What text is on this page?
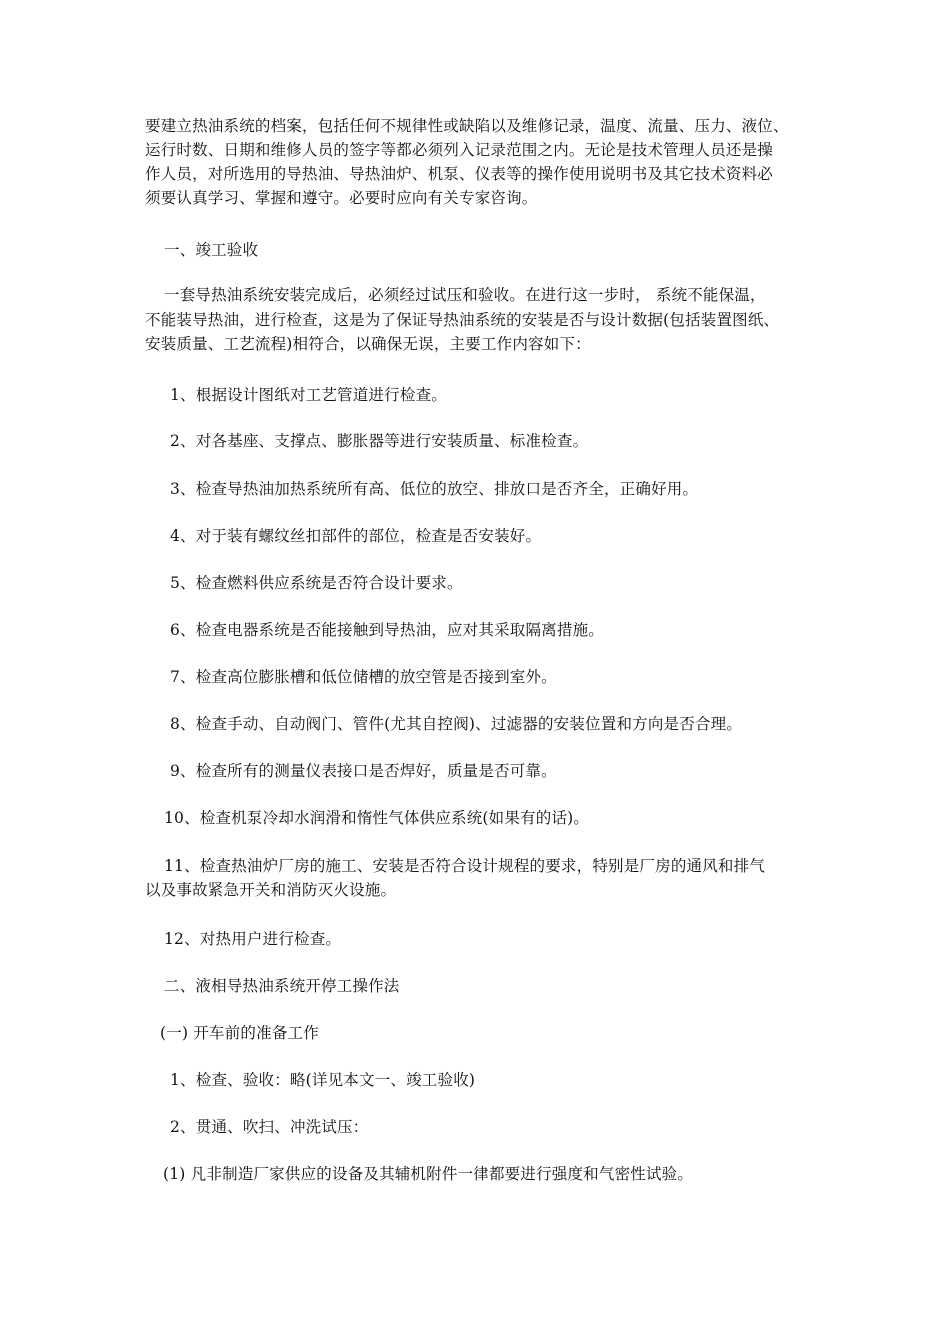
要建立热油系统的档案，包括任何不规律性或缺陷以及维修记录，温度、流量、压力、液位、
运行时数、日期和维修人员的签字等都必须列入记录范围之内。无论是技术管理人员还是操
作人员，对所选用的导热油、导热油炉、机泵、仪表等的操作使用说明书及其它技术资料必
须要认真学习、掌握和遵守。必要时应向有关专家咨询。
一、竣工验收
一套导热油系统安装完成后，必须经过试压和验收。在进行这一步时， 系统不能保温，
不能装导热油，进行检查，这是为了保证导热油系统的安装是否与设计数据(包括装置图纸、
安装质量、工艺流程)相符合，以确保无误，主要工作内容如下：
1、根据设计图纸对工艺管道进行检查。
2、对各基座、支撑点、膨胀器等进行安装质量、标准检查。
3、检查导热油加热系统所有高、低位的放空、排放口是否齐全，正确好用。
4、对于装有螺纹丝扣部件的部位，检查是否安装好。
5、检查燃料供应系统是否符合设计要求。
6、检查电器系统是否能接触到导热油，应对其采取隔离措施。
7、检查高位膨胀槽和低位储槽的放空管是否接到室外。
8、检查手动、自动阀门、管件(尤其自控阀)、过滤器的安装位置和方向是否合理。
9、检查所有的测量仪表接口是否焊好，质量是否可靠。
10、检查机泵冷却水润滑和惰性气体供应系统(如果有的话)。
11、检查热油炉厂房的施工、安装是否符合设计规程的要求，特别是厂房的通风和排气
以及事故紧急开关和消防灭火设施。
12、对热用户进行检查。
二、液相导热油系统开停工操作法
(一) 开车前的准备工作
1、检查、验收：略(详见本文一、竣工验收)
2、贯通、吹扫、冲洗试压：
(1) 凡非制造厂家供应的设备及其辅机附件一律都要进行强度和气密性试验。
